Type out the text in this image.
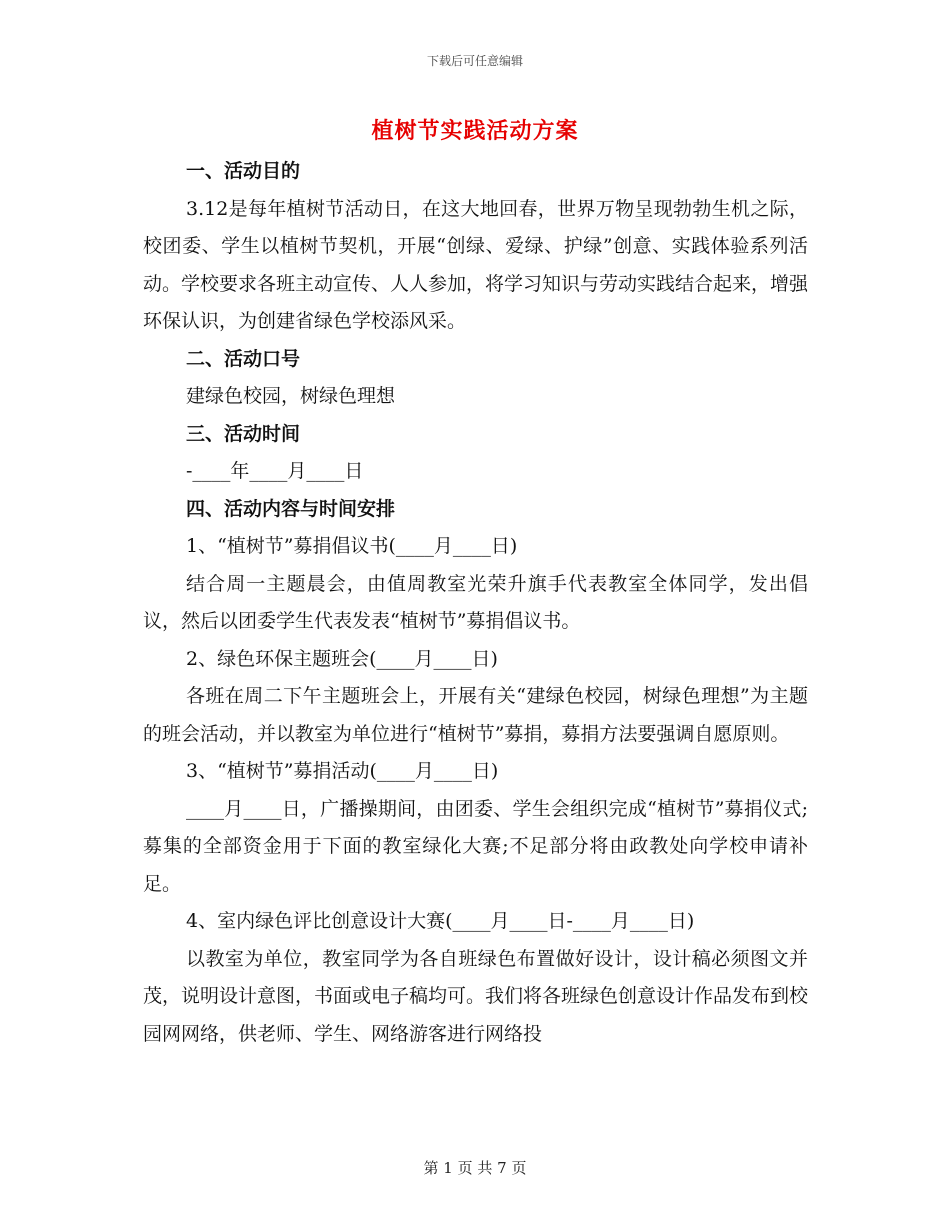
下载后可任意编辑
植树节实践活动方案

一、活动目的

3.12是每年植树节活动日，在这大地回春，世界万物呈现勃勃生机之际，校团委、学生以植树节契机，开展“创绿、爱绿、护绿”创意、实践体验系列活动。学校要求各班主动宣传、人人参加，将学习知识与劳动实践结合起来，增强环保认识，为创建省绿色学校添风采。

二、活动口号

建绿色校园，树绿色理想

三、活动时间

-____年____月____日

四、活动内容与时间安排

1、“植树节”募捐倡议书(____月____日)

结合周一主题晨会，由值周教室光荣升旗手代表教室全体同学，发出倡议，然后以团委学生代表发表“植树节”募捐倡议书。

2、绿色环保主题班会(____月____日)

各班在周二下午主题班会上，开展有关“建绿色校园，树绿色理想”为主题的班会活动，并以教室为单位进行“植树节”募捐，募捐方法要强调自愿原则。

3、“植树节”募捐活动(____月____日)

____月____日，广播操期间，由团委、学生会组织完成“植树节”募捐仪式;募集的全部资金用于下面的教室绿化大赛;不足部分将由政教处向学校申请补足。

4、室内绿色评比创意设计大赛(____月____日-____月____日)

以教室为单位，教室同学为各自班绿色布置做好设计，设计稿必须图文并茂，说明设计意图，书面或电子稿均可。我们将各班绿色创意设计作品发布到校园网网络，供老师、学生、网络游客进行网络投

第 1 页 共 7 页
